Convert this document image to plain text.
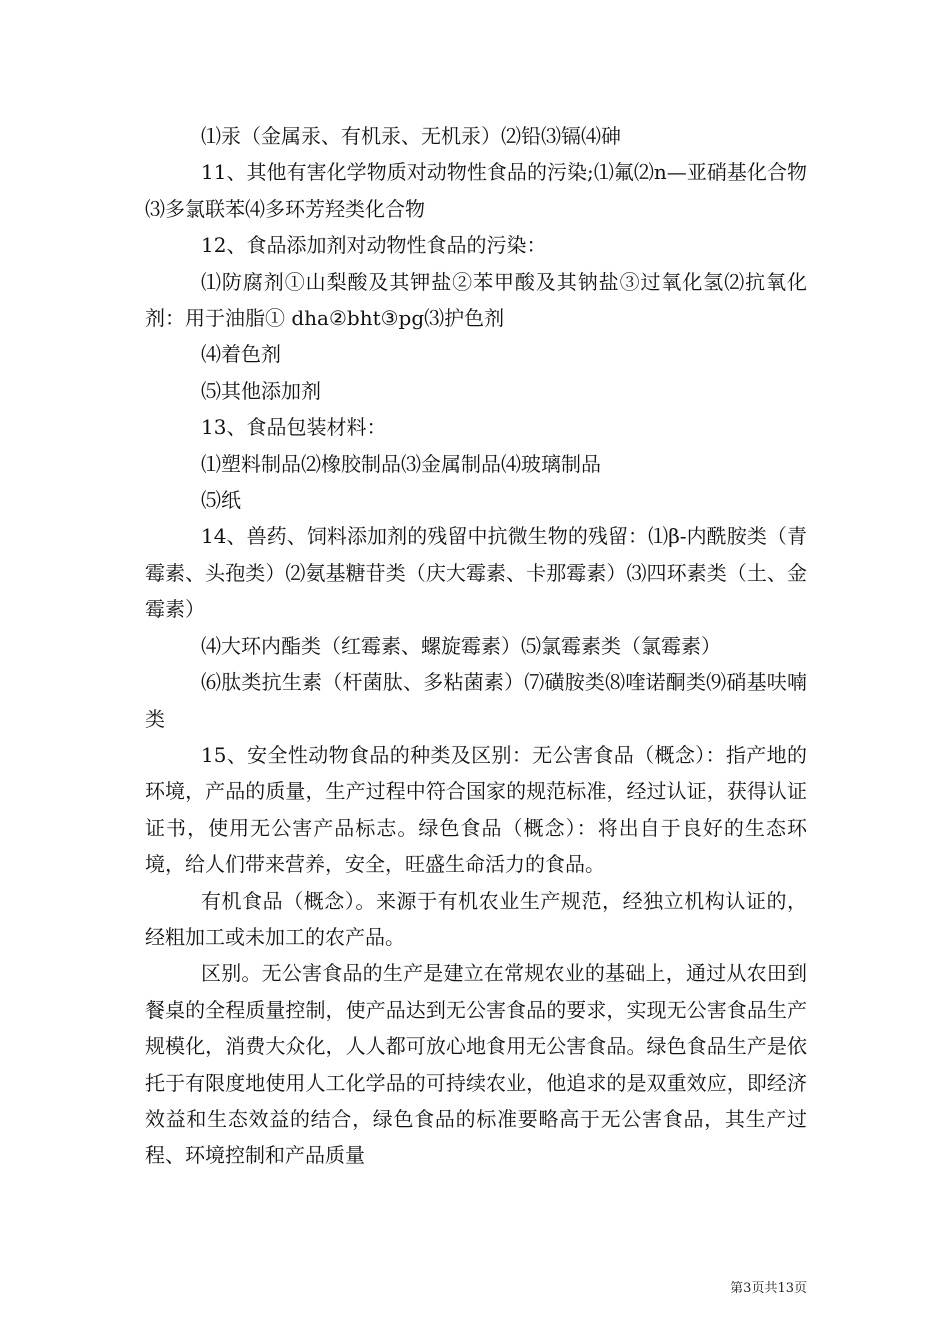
⑴汞（金属汞、有机汞、无机汞）⑵铅⑶镉⑷砷

11、其他有害化学物质对动物性食品的污染;⑴氟⑵n—亚硝基化合物⑶多氯联苯⑷多环芳羟类化合物

12、食品添加剂对动物性食品的污染：

⑴防腐剂①山梨酸及其钾盐②苯甲酸及其钠盐③过氧化氢⑵抗氧化剂：用于油脂① dha②bht③pg⑶护色剂

⑷着色剂

⑸其他添加剂

13、食品包装材料：

⑴塑料制品⑵橡胶制品⑶金属制品⑷玻璃制品

⑸纸

14、兽药、饲料添加剂的残留中抗微生物的残留：⑴β-内酰胺类（青霉素、头孢类）⑵氨基糖苷类（庆大霉素、卡那霉素）⑶四环素类（土、金霉素）

⑷大环内酯类（红霉素、螺旋霉素）⑸氯霉素类（氯霉素）

⑹肽类抗生素（杆菌肽、多粘菌素）⑺磺胺类⑻喹诺酮类⑼硝基呋喃类

15、安全性动物食品的种类及区别：无公害食品（概念）：指产地的环境，产品的质量，生产过程中符合国家的规范标准，经过认证，获得认证证书，使用无公害产品标志。绿色食品（概念）：将出自于良好的生态环境，给人们带来营养，安全，旺盛生命活力的食品。

有机食品（概念）。来源于有机农业生产规范，经独立机构认证的，经粗加工或未加工的农产品。

区别。无公害食品的生产是建立在常规农业的基础上，通过从农田到餐桌的全程质量控制，使产品达到无公害食品的要求，实现无公害食品生产规模化，消费大众化，人人都可放心地食用无公害食品。绿色食品生产是依托于有限度地使用人工化学品的可持续农业，他追求的是双重效应，即经济效益和生态效益的结合，绿色食品的标准要略高于无公害食品，其生产过程、环境控制和产品质量

第3页共13页
